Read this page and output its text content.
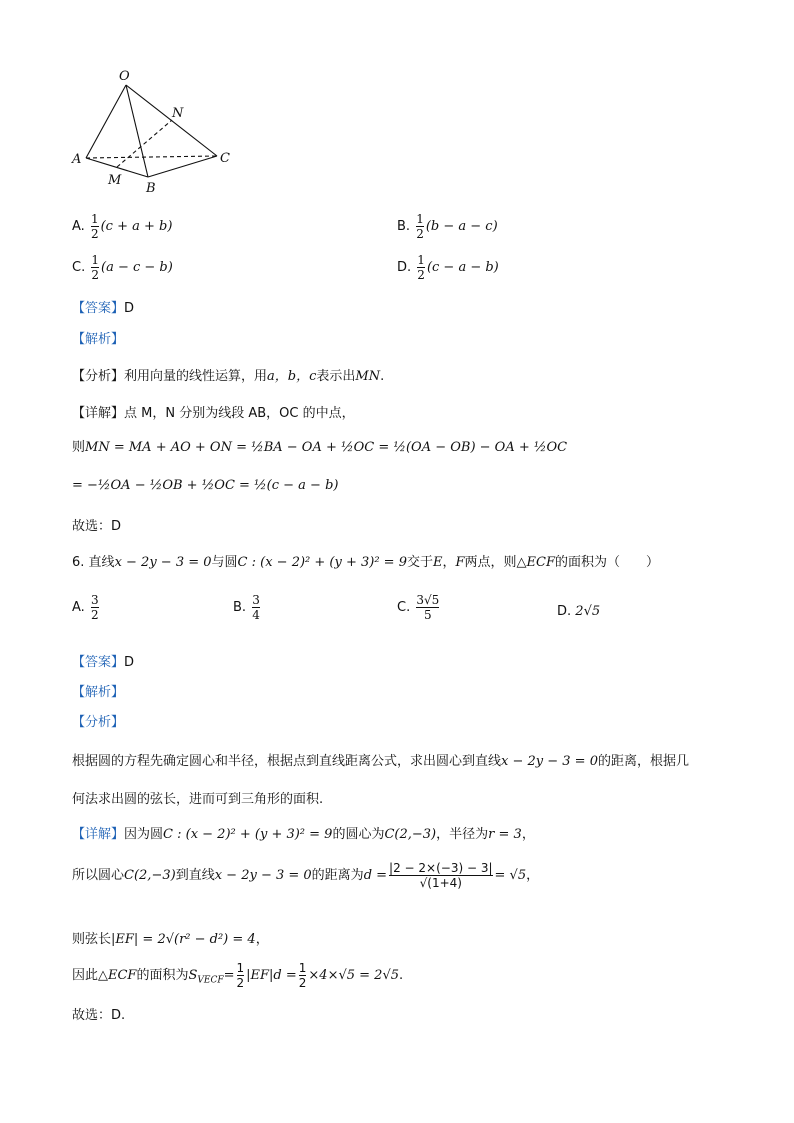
O
N
A	C
M
B
A. $\frac{1}{2} (c + a + b)$	B. $\frac{1}{2} (b - a - c)$
C. $\frac{1}{2} (a - c - b)$	D. $\frac{1}{2} (c - a - b)$
【答案】D
【解析】
【分析】利用向量的线性运算，用a，b，c表示出MN.
【详解】点 M，N 分别为线段 AB，OC 的中点，
则MN = MA + AO + ON = ½BA − OA + ½OC = ½(OA − OB) − OA + ½OC
= −½OA − ½OB + ½OC = ½(c − a − b)
故选：D
6. 直线x − 2y − 3 = 0与圆C : (x − 2)² + (y + 3)² = 9交于E，F两点，则△ECF的面积为（　　）
A. $\frac{3}{2}$	B. $\frac{3}{4}$	C. $\frac{3√5}{5}$	D. 2√5
【答案】D
【解析】
【分析】
根据圆的方程先确定圆心和半径，根据点到直线距离公式，求出圆心到直线x − 2y − 3 = 0的距离，根据几
何法求出圆的弦长，进而可到三角形的面积.
【详解】因为圆C : (x − 2)² + (y + 3)² = 9的圆心为C(2,−3)，半径为r = 3，
所以圆心C(2,−3)到直线x − 2y − 3 = 0的距离为$d = \frac{|2 - 2\times(-3) - 3|}{√(1+4)} = √5$，
则弦长|EF| = 2√(r² − d²) = 4，
因此△ECF的面积为$S_{VECF}= \frac{1}{2} |EF|d = \frac{1}{2} \times 4\times√5 = 2√5$.
故选：D.
